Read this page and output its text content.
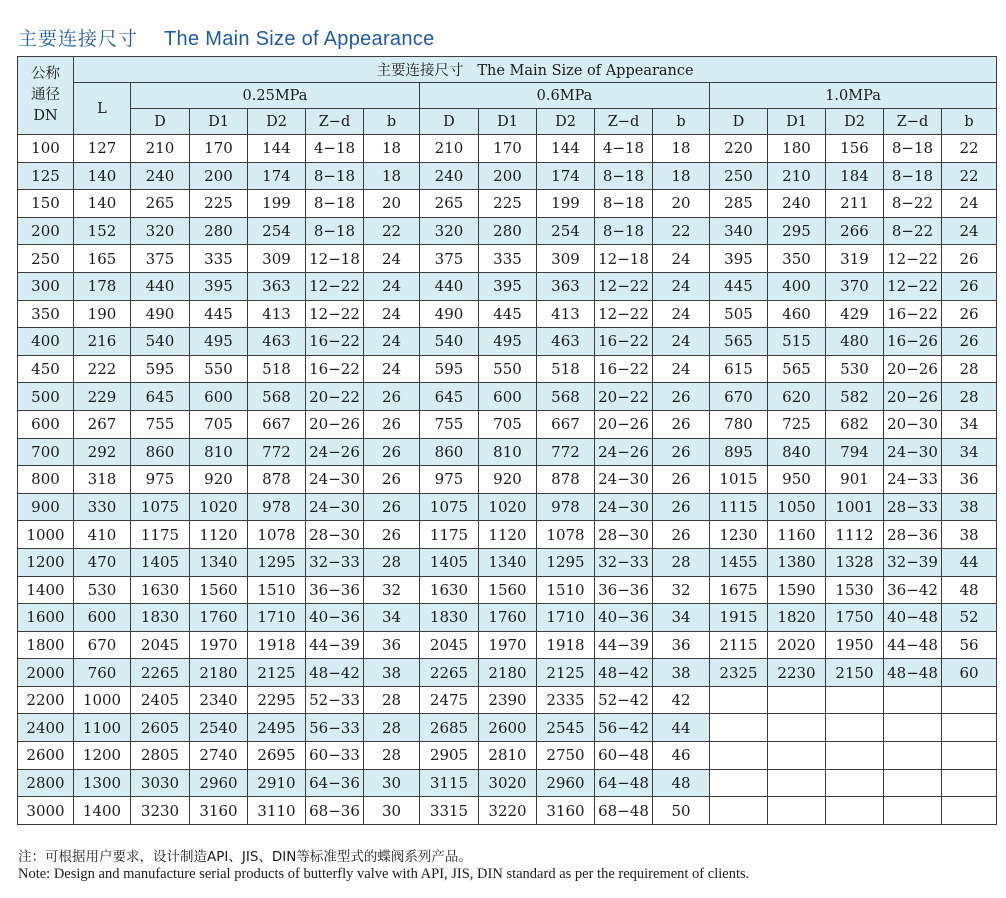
主要连接尺寸 The Main Size of Appearance
公称
通径
DN	主要连接尺寸   The Main Size of Appearance															
	L	0.25MPa					0.6MPa					1.0MPa				
		D	D1	D2	Z−d	b	D	D1	D2	Z−d	b	D	D1	D2	Z−d	b
100	127	210	170	144	4−18	18	210	170	144	4−18	18	220	180	156	8−18	22
125	140	240	200	174	8−18	18	240	200	174	8−18	18	250	210	184	8−18	22
150	140	265	225	199	8−18	20	265	225	199	8−18	20	285	240	211	8−22	24
200	152	320	280	254	8−18	22	320	280	254	8−18	22	340	295	266	8−22	24
250	165	375	335	309	12−18	24	375	335	309	12−18	24	395	350	319	12−22	26
300	178	440	395	363	12−22	24	440	395	363	12−22	24	445	400	370	12−22	26
350	190	490	445	413	12−22	24	490	445	413	12−22	24	505	460	429	16−22	26
400	216	540	495	463	16−22	24	540	495	463	16−22	24	565	515	480	16−26	26
450	222	595	550	518	16−22	24	595	550	518	16−22	24	615	565	530	20−26	28
500	229	645	600	568	20−22	26	645	600	568	20−22	26	670	620	582	20−26	28
600	267	755	705	667	20−26	26	755	705	667	20−26	26	780	725	682	20−30	34
700	292	860	810	772	24−26	26	860	810	772	24−26	26	895	840	794	24−30	34
800	318	975	920	878	24−30	26	975	920	878	24−30	26	1015	950	901	24−33	36
900	330	1075	1020	978	24−30	26	1075	1020	978	24−30	26	1115	1050	1001	28−33	38
1000	410	1175	1120	1078	28−30	26	1175	1120	1078	28−30	26	1230	1160	1112	28−36	38
1200	470	1405	1340	1295	32−33	28	1405	1340	1295	32−33	28	1455	1380	1328	32−39	44
1400	530	1630	1560	1510	36−36	32	1630	1560	1510	36−36	32	1675	1590	1530	36−42	48
1600	600	1830	1760	1710	40−36	34	1830	1760	1710	40−36	34	1915	1820	1750	40−48	52
1800	670	2045	1970	1918	44−39	36	2045	1970	1918	44−39	36	2115	2020	1950	44−48	56
2000	760	2265	2180	2125	48−42	38	2265	2180	2125	48−42	38	2325	2230	2150	48−48	60
2200	1000	2405	2340	2295	52−33	28	2475	2390	2335	52−42	42					
2400	1100	2605	2540	2495	56−33	28	2685	2600	2545	56−42	44					
2600	1200	2805	2740	2695	60−33	28	2905	2810	2750	60−48	46					
2800	1300	3030	2960	2910	64−36	30	3115	3020	2960	64−48	48					
3000	1400	3230	3160	3110	68−36	30	3315	3220	3160	68−48	50					
注：可根据用户要求，设计制造API、JIS、DIN等标准型式的蝶阀系列产品。
Note: Design and manufacture serial products of butterfly valve with API, JIS, DIN standard as per the requirement of clients.
